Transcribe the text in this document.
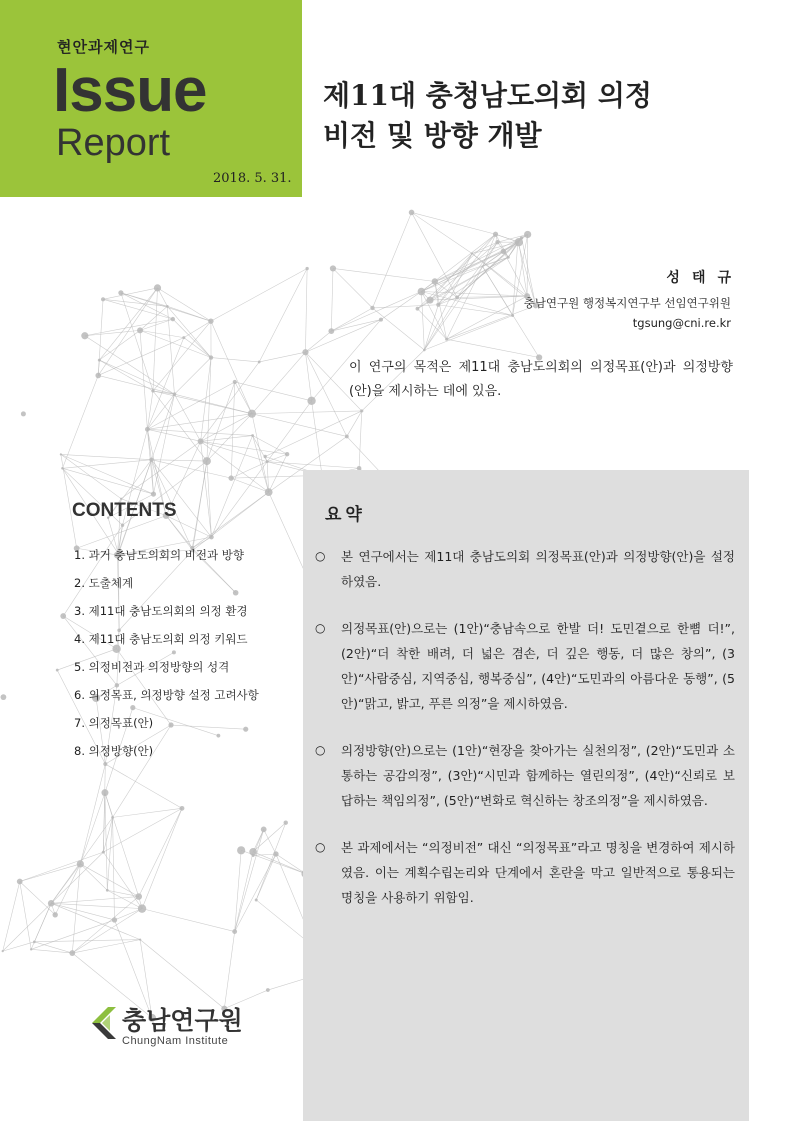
현안과제연구
Issue
Report
2018. 5. 31.
제11대 충청남도의회 의정
비전 및 방향 개발
성태규
충남연구원 행정복지연구부 선임연구위원
tgsung@cni.re.kr
이 연구의 목적은 제11대 충남도의회의 의정목표(안)과 의정방향(안)을 제시하는 데에 있음.
CONTENTS
1. 과거 충남도의회의 비전과 방향
2. 도출체계
3. 제11대 충남도의회의 의정 환경
4. 제11대 충남도의회 의정 키워드
5. 의정비전과 의정방향의 성격
6. 의정목표, 의정방향 설정 고려사항
7. 의정목표(안)
8. 의정방향(안)
요약
○ 본 연구에서는 제11대 충남도의회 의정목표(안)과 의정방향(안)을 설정하였음.
○ 의정목표(안)으로는 (1안)“충남속으로 한발 더! 도민곁으로 한뼘 더!”, (2안)“더 착한 배려, 더 넓은 겸손, 더 깊은 행동, 더 많은 창의”, (3안)“사람중심, 지역중심, 행복중심”, (4안)“도민과의 아름다운 동행”, (5안)“맑고, 밝고, 푸른 의정”을 제시하였음.
○ 의정방향(안)으로는 (1안)“현장을 찾아가는 실천의정”, (2안)“도민과 소통하는 공감의정”, (3안)“시민과 함께하는 열린의정”, (4안)“신뢰로 보답하는 책임의정”, (5안)“변화로 혁신하는 창조의정”을 제시하였음.
○ 본 과제에서는 “의정비전” 대신 “의정목표”라고 명칭을 변경하여 제시하였음. 이는 계획수립논리와 단계에서 혼란을 막고 일반적으로 통용되는 명칭을 사용하기 위함임.
충남연구원
ChungNam Institute
